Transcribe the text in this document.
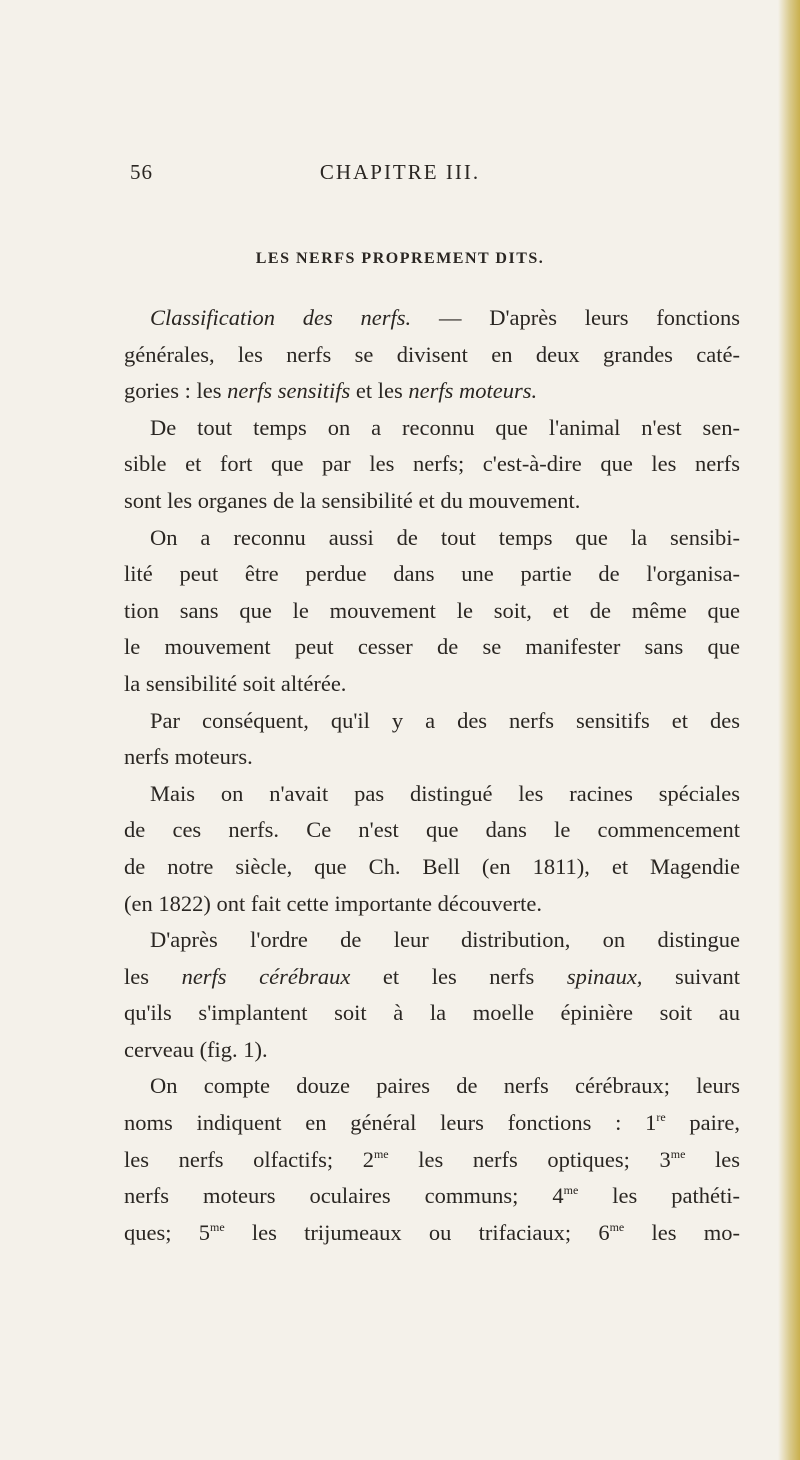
56	CHAPITRE III.
LES NERFS PROPREMENT DITS.
Classification des nerfs. — D'après leurs fonctions
générales, les nerfs se divisent en deux grandes caté-
gories : les nerfs sensitifs et les nerfs moteurs.
De tout temps on a reconnu que l'animal n'est sen-
sible et fort que par les nerfs; c'est-à-dire que les nerfs
sont les organes de la sensibilité et du mouvement.
On a reconnu aussi de tout temps que la sensibi-
lité peut être perdue dans une partie de l'organisa-
tion sans que le mouvement le soit, et de même que
le mouvement peut cesser de se manifester sans que
la sensibilité soit altérée.
Par conséquent, qu'il y a des nerfs sensitifs et des
nerfs moteurs.
Mais on n'avait pas distingué les racines spéciales
de ces nerfs. Ce n'est que dans le commencement
de notre siècle, que Ch. Bell (en 1811), et Magendie
(en 1822) ont fait cette importante découverte.
D'après l'ordre de leur distribution, on distingue
les nerfs cérébraux et les nerfs spinaux, suivant
qu'ils s'implantent soit à la moelle épinière soit au
cerveau (fig. 1).
On compte douze paires de nerfs cérébraux; leurs
noms indiquent en général leurs fonctions : 1re paire,
les nerfs olfactifs; $2^{me}$ les nerfs optiques; $3^{me}$ les
nerfs moteurs oculaires communs; $4^{me}$ les pathéti-
ques; $5^{me}$ les trijumeaux ou trifaciaux; $6^{me}$ les mo-
